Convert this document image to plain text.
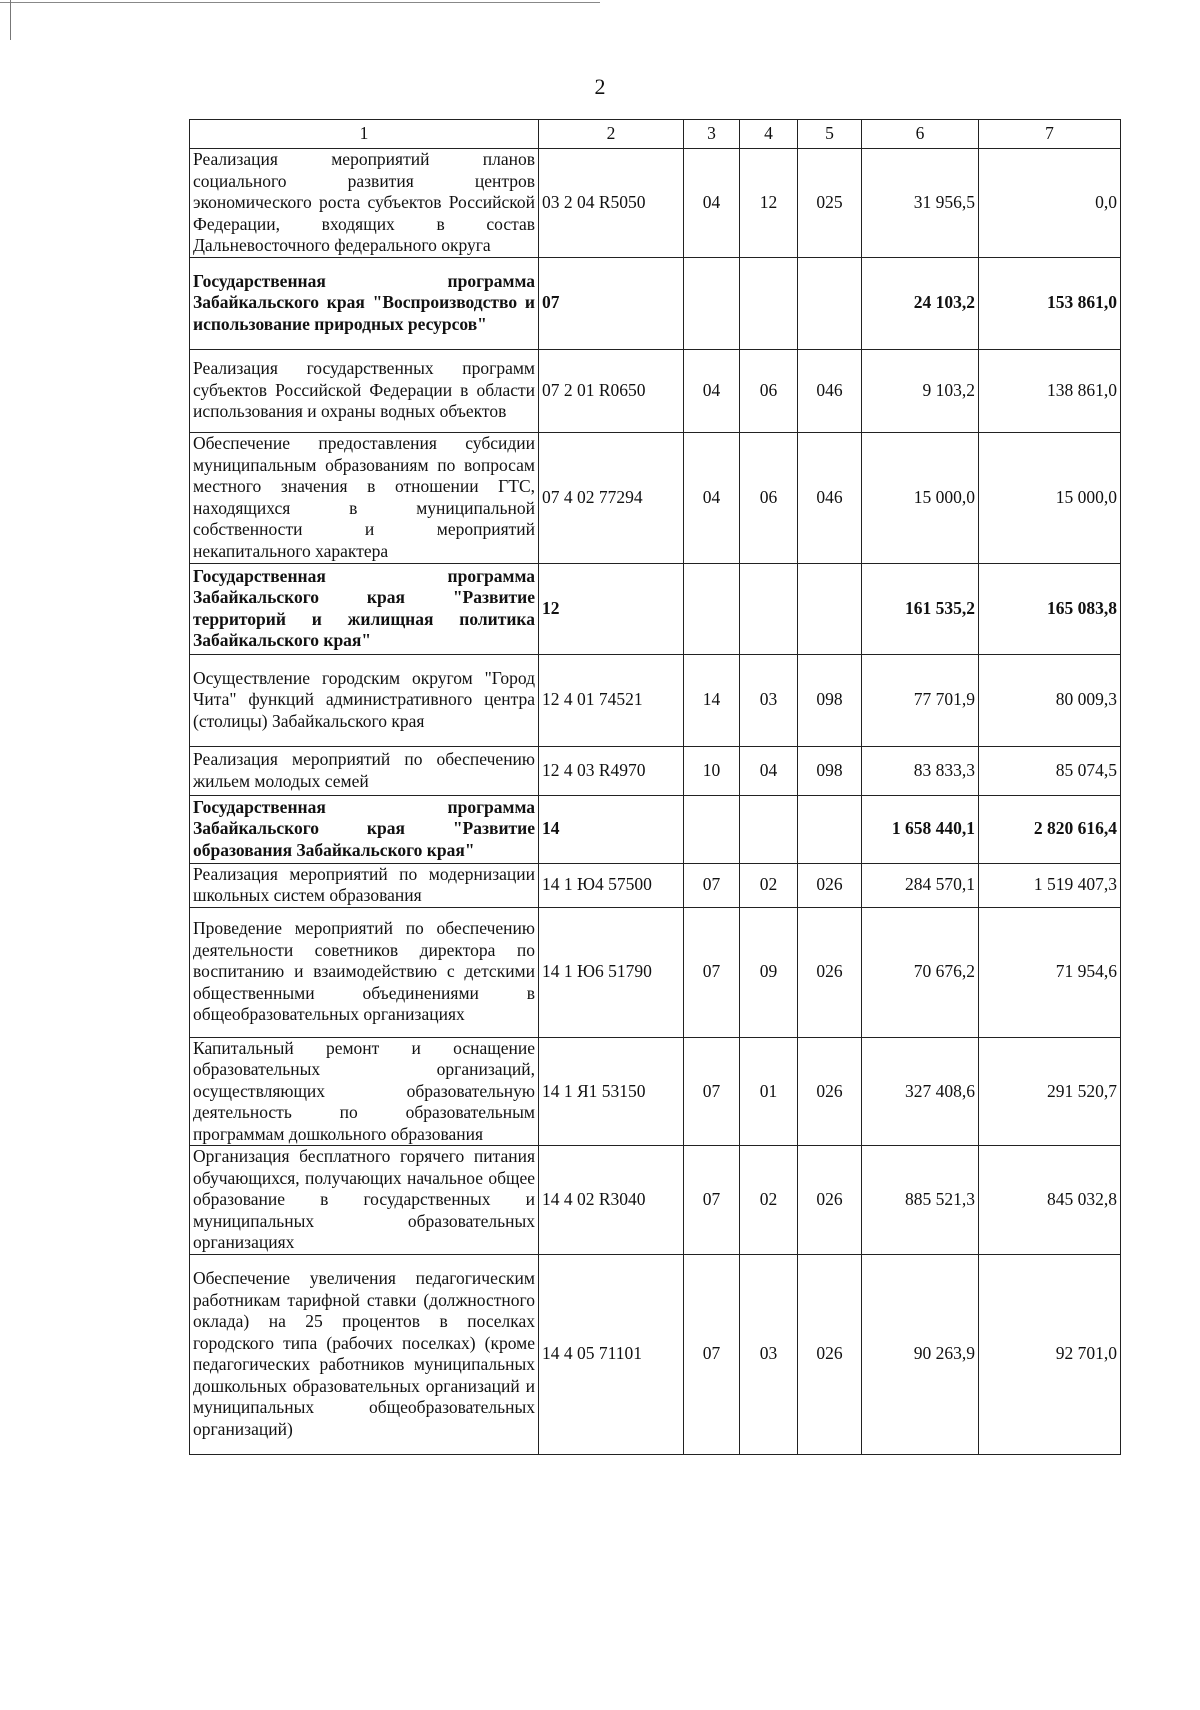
2
1	2	3	4	5	6	7
Реализация мероприятий планов социального развития центров экономического роста субъектов Российской Федерации, входящих в состав Дальневосточного федерального округа	03 2 04 R5050	04	12	025	31 956,5	0,0
Государственная программа Забайкальского края "Воспроизводство и использование природных ресурсов"	07				24 103,2	153 861,0
Реализация государственных программ субъектов Российской Федерации в области использования и охраны водных объектов	07 2 01 R0650	04	06	046	9 103,2	138 861,0
Обеспечение предоставления субсидии муниципальным образованиям по вопросам местного значения в отношении ГТС, находящихся в муниципальной собственности и мероприятий некапитального характера	07 4 02 77294	04	06	046	15 000,0	15 000,0
Государственная программа Забайкальского края "Развитие территорий и жилищная политика Забайкальского края"	12				161 535,2	165 083,8
Осуществление городским округом "Город Чита" функций административного центра (столицы) Забайкальского края	12 4 01 74521	14	03	098	77 701,9	80 009,3
Реализация мероприятий по обеспечению жильем молодых семей	12 4 03 R4970	10	04	098	83 833,3	85 074,5
Государственная программа Забайкальского края "Развитие образования Забайкальского края"	14				1 658 440,1	2 820 616,4
Реализация мероприятий по модернизации школьных систем образования	14 1 Ю4 57500	07	02	026	284 570,1	1 519 407,3
Проведение мероприятий по обеспечению деятельности советников директора по воспитанию и взаимодействию с детскими общественными объединениями в общеобразовательных организациях	14 1 Ю6 51790	07	09	026	70 676,2	71 954,6
Капитальный ремонт и оснащение образовательных организаций, осуществляющих образовательную деятельность по образовательным программам дошкольного образования	14 1 Я1 53150	07	01	026	327 408,6	291 520,7
Организация бесплатного горячего питания обучающихся, получающих начальное общее образование в государственных и муниципальных образовательных организациях	14 4 02 R3040	07	02	026	885 521,3	845 032,8
Обеспечение увеличения педагогическим работникам тарифной ставки (должностного оклада) на 25 процентов в поселках городского типа (рабочих поселках) (кроме педагогических работников муниципальных дошкольных образовательных организаций и муниципальных общеобразовательных организаций)	14 4 05 71101	07	03	026	90 263,9	92 701,0
